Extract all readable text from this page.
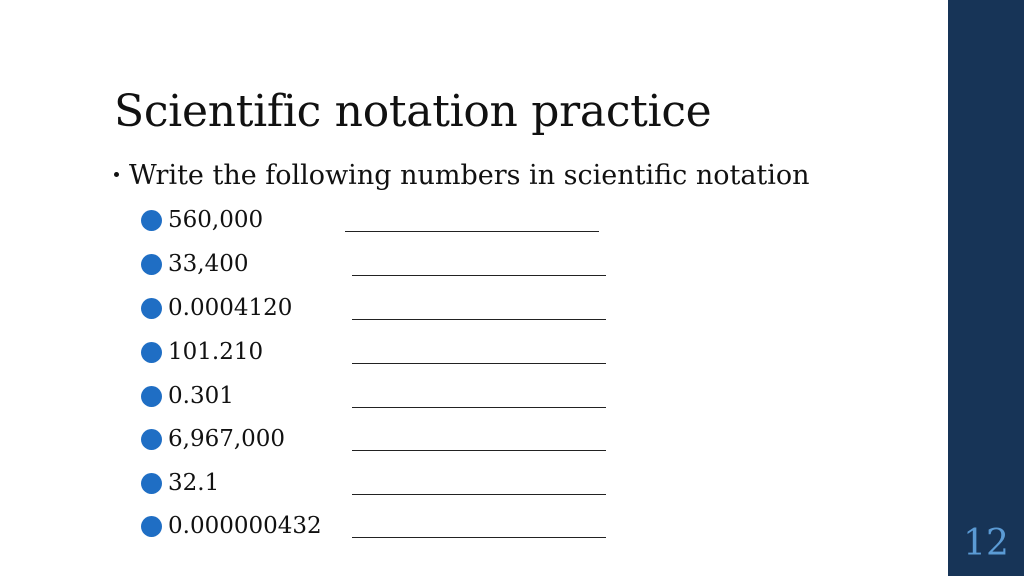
Scientific notation practice
Write the following numbers in scientific notation
560,000
33,400
0.0004120
101.210
0.301
6,967,000
32.1
0.000000432	12
